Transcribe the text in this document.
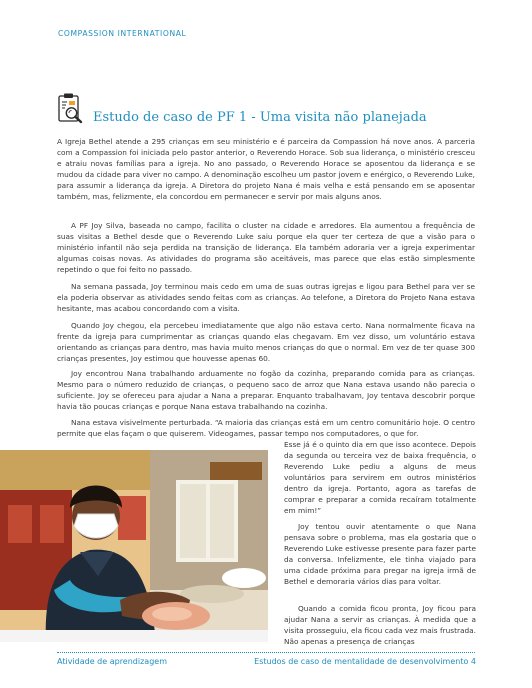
COMPASSION INTERNATIONAL
Estudo de caso de PF 1 - Uma visita não planejada

A Igreja Bethel atende a 295 crianças em seu ministério e é parceira da Compassion há nove anos. A parceria com a Compassion foi iniciada pelo pastor anterior, o Reverendo Horace. Sob sua liderança, o ministério cresceu e atraiu novas famílias para a igreja. No ano passado, o Reverendo Horace se aposentou da liderança e se mudou da cidade para viver no campo. A denominação escolheu um pastor jovem e enérgico, o Reverendo Luke, para assumir a liderança da igreja. A Diretora do projeto Nana é mais velha e está pensando em se aposentar também, mas, felizmente, ela concordou em permanecer e servir por mais alguns anos.

A PF Joy Silva, baseada no campo, facilita o cluster na cidade e arredores. Ela aumentou a frequência de suas visitas a Bethel desde que o Reverendo Luke saiu porque ela quer ter certeza de que a visão para o ministério infantil não seja perdida na transição de liderança. Ela também adoraria ver a igreja experimentar algumas coisas novas. As atividades do programa são aceitáveis, mas parece que elas estão simplesmente repetindo o que foi feito no passado.

Na semana passada, Joy terminou mais cedo em uma de suas outras igrejas e ligou para Bethel para ver se ela poderia observar as atividades sendo feitas com as crianças. Ao telefone, a Diretora do Projeto Nana estava hesitante, mas acabou concordando com a visita.

Quando Joy chegou, ela percebeu imediatamente que algo não estava certo. Nana normalmente ficava na frente da igreja para cumprimentar as crianças quando elas chegavam. Em vez disso, um voluntário estava orientando as crianças para dentro, mas havia muito menos crianças do que o normal. Em vez de ter quase 300 crianças presentes, Joy estimou que houvesse apenas 60.

Joy encontrou Nana trabalhando arduamente no fogão da cozinha, preparando comida para as crianças. Mesmo para o número reduzido de crianças, o pequeno saco de arroz que Nana estava usando não parecia o suficiente. Joy se ofereceu para ajudar a Nana a preparar. Enquanto trabalhavam, Joy tentava descobrir porque havia tão poucas crianças e porque Nana estava trabalhando na cozinha.

Nana estava visivelmente perturbada. “A maioria das crianças está em um centro comunitário hoje. O centro permite que elas façam o que quiserem. Videogames, passar tempo nos computadores, o que for.

Esse já é o quinto dia em que isso acontece. Depois da segunda ou terceira vez de baixa frequência, o Reverendo Luke pediu a alguns de meus voluntários para servirem em outros ministérios dentro da igreja. Portanto, agora as tarefas de comprar e preparar a comida recaíram totalmente em mim!”

Joy tentou ouvir atentamente o que Nana pensava sobre o problema, mas ela gostaria que o Reverendo Luke estivesse presente para fazer parte da conversa. Infelizmente, ele tinha viajado para uma cidade próxima para pregar na igreja irmã de Bethel e demoraria vários dias para voltar.

Quando a comida ficou pronta, Joy ficou para ajudar Nana a servir as crianças. À medida que a visita prosseguiu, ela ficou cada vez mais frustrada. Não apenas a presença de crianças

Atividade de aprendizagem	Estudos de caso de mentalidade de desenvolvimento 4
